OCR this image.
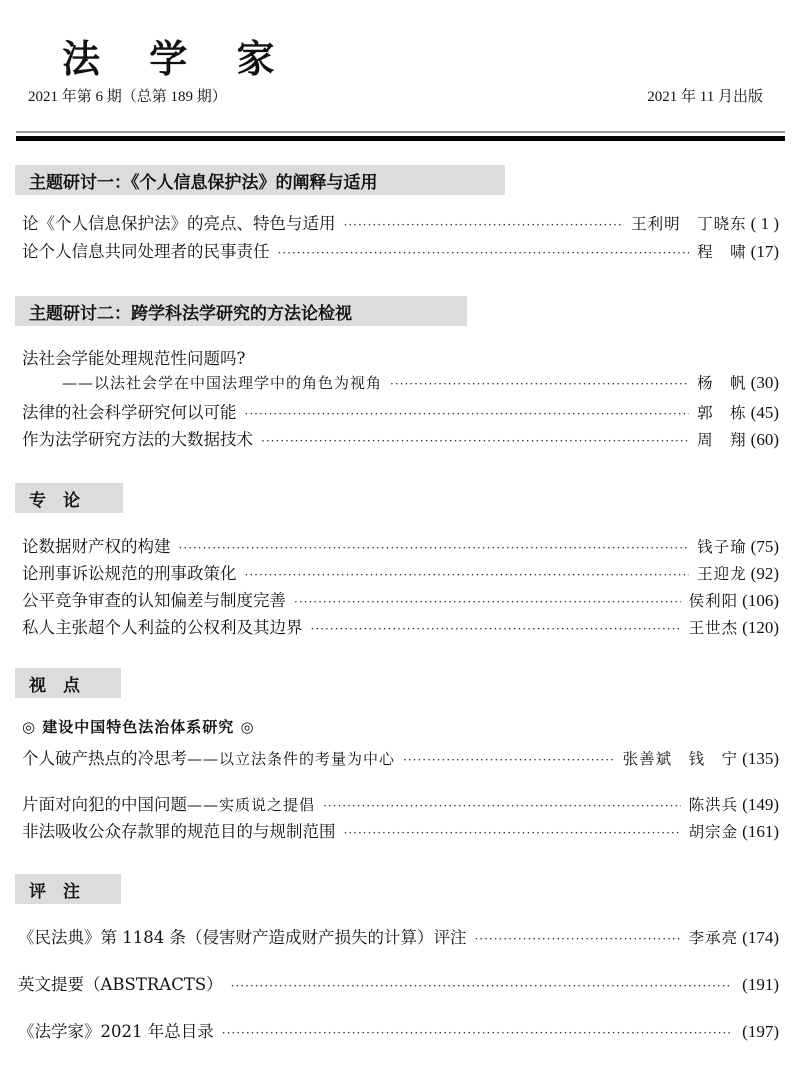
法 学 家
2021 年第 6 期（总第 189 期）	2021 年 11 月出版
主题研讨一：《个人信息保护法》的阐释与适用
论《个人信息保护法》的亮点、特色与适用 ·····	王利明　丁晓东 ( 1 )
论个人信息共同处理者的民事责任 ·····	程　啸 (17)
主题研讨二：跨学科法学研究的方法论检视
法社会学能处理规范性问题吗?
——以法社会学在中国法理学中的角色为视角 ·····	杨　帆 (30)
法律的社会科学研究何以可能 ·····	郭　栋 (45)
作为法学研究方法的大数据技术 ·····	周　翔 (60)
专　论
论数据财产权的构建 ·····	钱子瑜 (75)
论刑事诉讼规范的刑事政策化 ·····	王迎龙 (92)
公平竞争审查的认知偏差与制度完善 ·····	侯利阳 (106)
私人主张超个人利益的公权利及其边界 ·····	王世杰 (120)
视　点
◎ 建设中国特色法治体系研究 ◎
个人破产热点的冷思考 ——以立法条件的考量为中心 ·····	张善斌　钱　宁 (135)
片面对向犯的中国问题 ——实质说之提倡 ·····	陈洪兵 (149)
非法吸收公众存款罪的规范目的与规制范围 ·····	胡宗金 (161)
评　注
《民法典》第 1184 条（侵害财产造成财产损失的计算）评注 ·····	李承亮 (174)
英文提要（ABSTRACTS） ·····	(191)
《法学家》2021 年总目录 ·····	(197)
